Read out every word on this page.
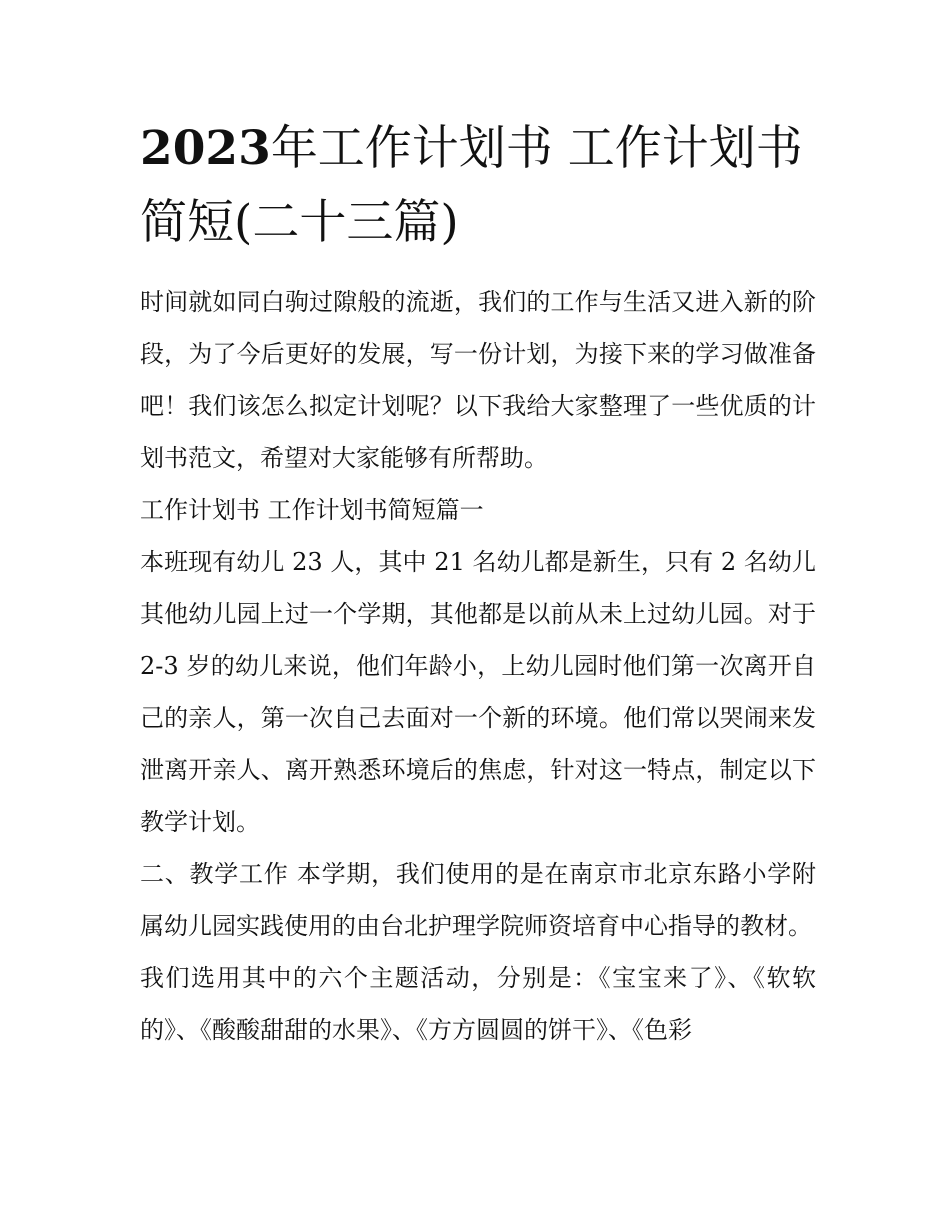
2023年工作计划书 工作计划书简短(二十三篇)

时间就如同白驹过隙般的流逝，我们的工作与生活又进入新的阶段，为了今后更好的发展，写一份计划，为接下来的学习做准备吧！我们该怎么拟定计划呢？以下我给大家整理了一些优质的计划书范文，希望对大家能够有所帮助。

工作计划书 工作计划书简短篇一

本班现有幼儿 23 人，其中 21 名幼儿都是新生，只有 2 名幼儿其他幼儿园上过一个学期，其他都是以前从未上过幼儿园。对于 2-3 岁的幼儿来说，他们年龄小，上幼儿园时他们第一次离开自己的亲人，第一次自己去面对一个新的环境。他们常以哭闹来发泄离开亲人、离开熟悉环境后的焦虑，针对这一特点，制定以下教学计划。

二、教学工作 本学期，我们使用的是在南京市北京东路小学附属幼儿园实践使用的由台北护理学院师资培育中心指导的教材。

我们选用其中的六个主题活动，分别是：《宝宝来了》、《软软的》、《酸酸甜甜的水果》、《方方圆圆的饼干》、《色彩
